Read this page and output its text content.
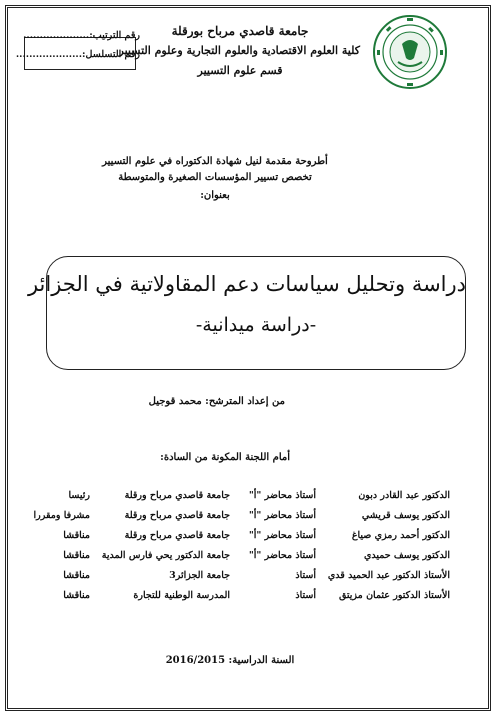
جامعة قاصدي مرباح بورقلة
كلية العلوم الاقتصادية والعلوم التجارية وعلوم التسيير
قسم علوم التسيير
رقم الترتيب:....................
رقم التسلسل:....................
أطروحة مقدمة لنيل شهادة الدكتوراه في علوم التسيير
تخصص تسيير المؤسسات الصغيرة والمتوسطة
بعنوان:
دراسة وتحليل سياسات دعم المقاولاتية في الجزائر
-دراسة ميدانية-
من إعداد المترشح: محمد قوجيل
أمام اللجنة المكونة من السادة:
الدكتور عبد القادر دبون
أستاذ محاضر "أ"
جامعة قاصدي مرباح ورقلة
رئيسا
الدكتور يوسف قريشي
أستاذ محاضر "أ"
جامعة قاصدي مرباح ورقلة
مشرفا ومقررا
الدكتور أحمد رمزي صياغ
أستاذ محاضر "أ"
جامعة قاصدي مرباح ورقلة
مناقشا
الدكتور يوسف حميدي
أستاذ محاضر "أ"
جامعة الدكتور يحي فارس المدية
مناقشا
الأستاذ الدكتور عبد الحميد قدي
أستاذ
جامعة الجزائر3
مناقشا
الأستاذ الدكتور عثمان مزيتق
أستاذ
المدرسة الوطنية للتجارة
مناقشا
السنة الدراسية: 2016/2015
